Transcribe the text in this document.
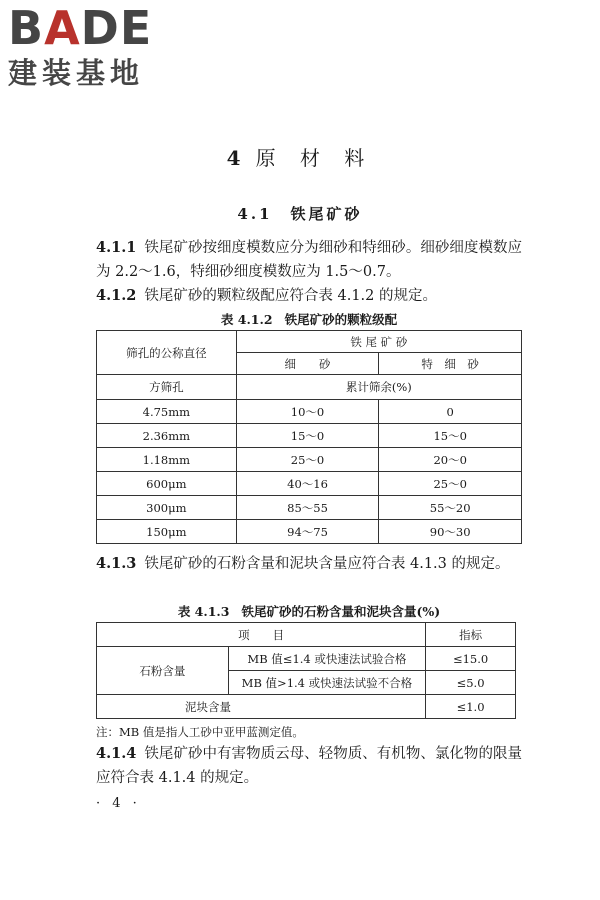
BADE
建装基地
4 原 材 料
4.1　 铁尾矿砂
4.1.1 铁尾矿砂按细度模数应分为细砂和特细砂。细砂细度模数应为 2.2～1.6，特细砂细度模数应为 1.5～0.7。
4.1.2 铁尾矿砂的颗粒级配应符合表 4.1.2 的规定。
表 4.1.2 铁尾矿砂的颗粒级配
筛孔的公称直径	铁 尾 矿 砂	
	细　　砂	特　细　砂
方筛孔	累计筛余(%)	
4.75mm	10～0	0
2.36mm	15～0	15～0
1.18mm	25～0	20～0
600μm	40～16	25～0
300μm	85～55	55～20
150μm	94～75	90～30
4.1.3 铁尾矿砂的石粉含量和泥块含量应符合表 4.1.3 的规定。
表 4.1.3 铁尾矿砂的石粉含量和泥块含量(%)
项　　目		指标
石粉含量	MB 值≤1.4 或快速法试验合格	≤15.0
	MB 值>1.4 或快速法试验不合格	≤5.0
泥块含量		≤1.0
注：MB 值是指人工砂中亚甲蓝测定值。
4.1.4 铁尾矿砂中有害物质云母、轻物质、有机物、氯化物的限量应符合表 4.1.4 的规定。
· 4 ·
